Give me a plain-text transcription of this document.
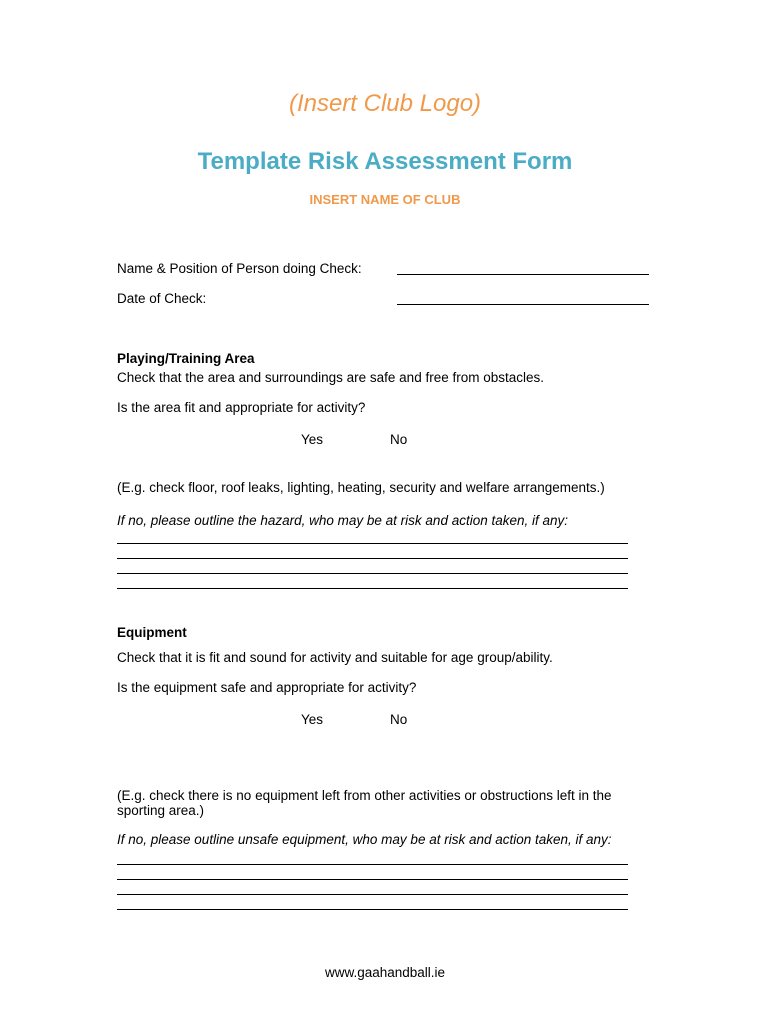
(Insert Club Logo)
Template Risk Assessment Form
INSERT NAME OF CLUB
Name & Position of Person doing Check:
Date of Check:
Playing/Training Area
Check that the area and surroundings are safe and free from obstacles.
Is the area fit and appropriate for activity?
Yes	No
(E.g. check floor, roof leaks, lighting, heating, security and welfare arrangements.)
If no, please outline the hazard, who may be at risk and action taken, if any:
Equipment
Check that it is fit and sound for activity and suitable for age group/ability.
Is the equipment safe and appropriate for activity?
Yes	No
(E.g. check there is no equipment left from other activities or obstructions left in the sporting area.)
If no, please outline unsafe equipment, who may be at risk and action taken, if any:
www.gaahandball.ie
